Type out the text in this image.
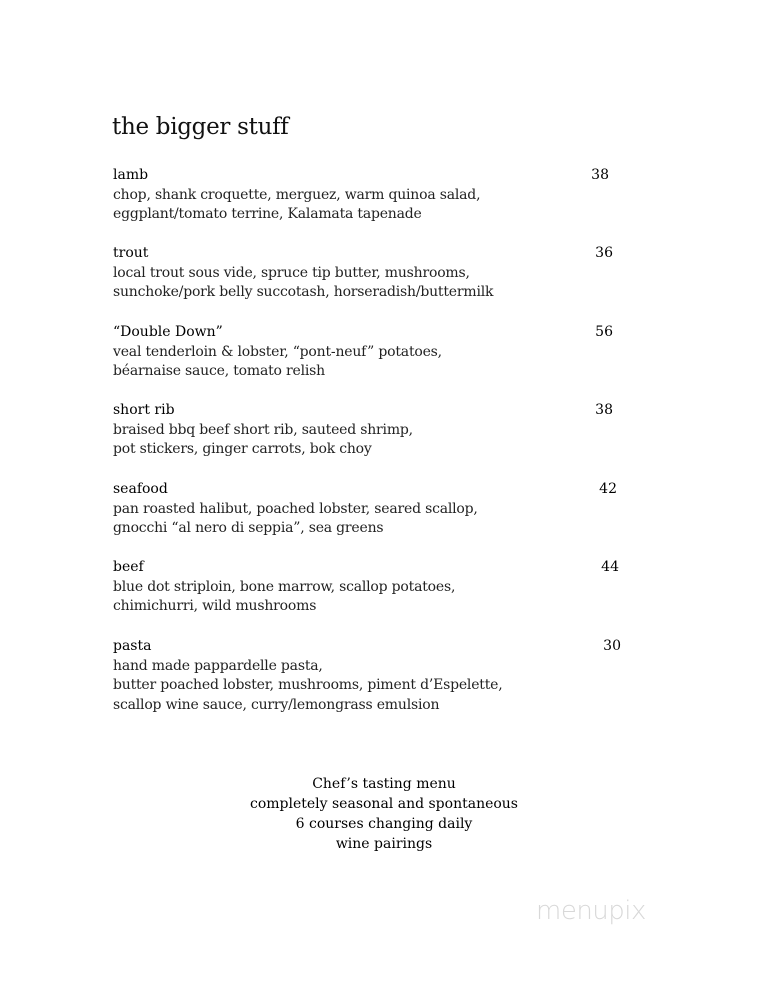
the bigger stuff
lamb	38
chop, shank croquette, merguez, warm quinoa salad,
eggplant/tomato terrine, Kalamata tapenade
trout	36
local trout sous vide, spruce tip butter, mushrooms,
sunchoke/pork belly succotash, horseradish/buttermilk
“Double Down”	56
veal tenderloin & lobster, “pont-neuf” potatoes,
béarnaise sauce, tomato relish
short rib	38
braised bbq beef short rib, sauteed shrimp,
pot stickers, ginger carrots, bok choy
seafood	42
pan roasted halibut, poached lobster, seared scallop,
gnocchi “al nero di seppia”, sea greens
beef	44
blue dot striploin, bone marrow, scallop potatoes,
chimichurri, wild mushrooms
pasta	30
hand made pappardelle pasta,
butter poached lobster, mushrooms, piment d’Espelette,
scallop wine sauce, curry/lemongrass emulsion
Chef’s tasting menu
completely seasonal and spontaneous
6 courses changing daily
wine pairings
menupix
